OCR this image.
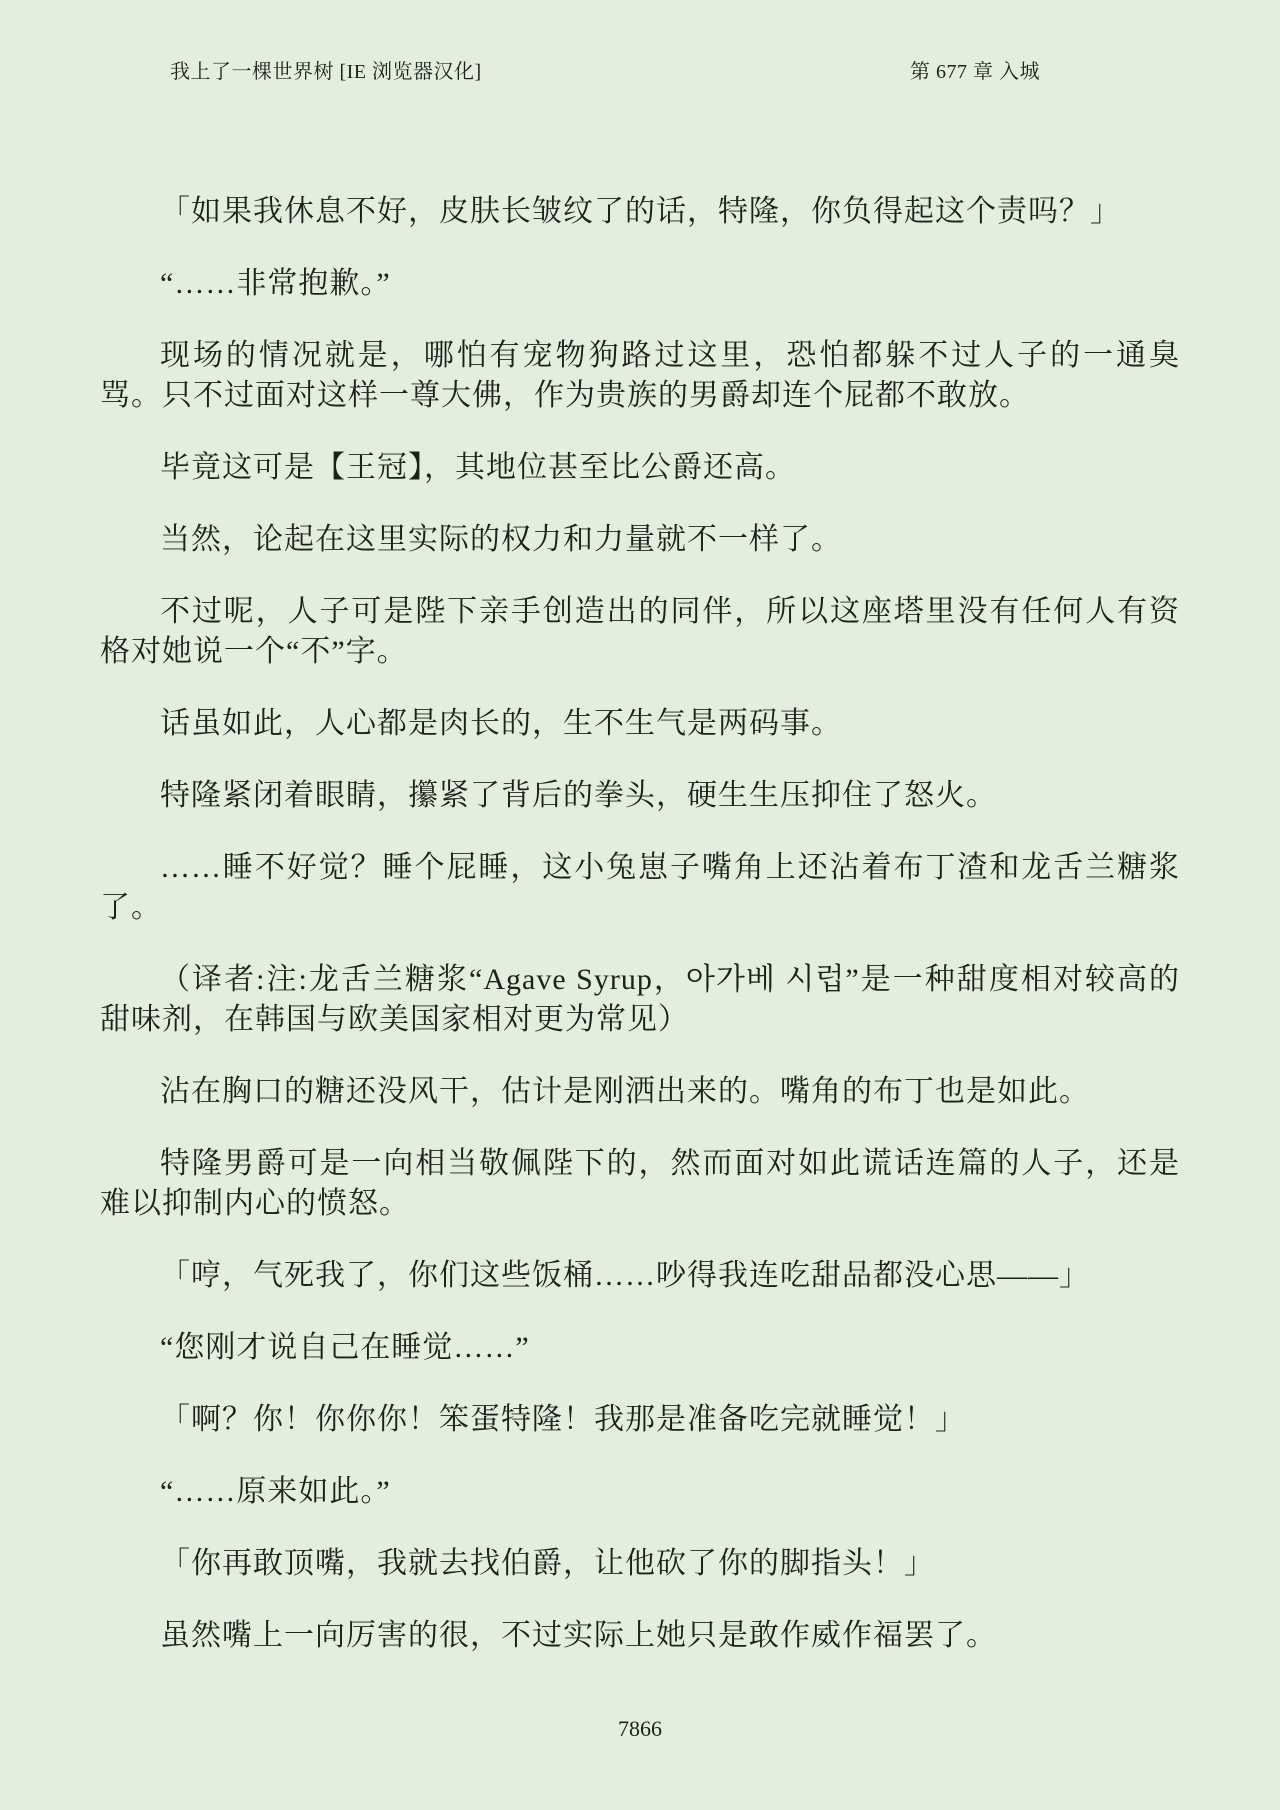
我上了一棵世界树 [IE 浏览器汉化]	第 677 章 入城

「如果我休息不好，皮肤长皱纹了的话，特隆，你负得起这个责吗？」

“……非常抱歉。”

现场的情况就是，哪怕有宠物狗路过这里，恐怕都躲不过人子的一通臭骂。只不过面对这样一尊大佛，作为贵族的男爵却连个屁都不敢放。

毕竟这可是【王冠】，其地位甚至比公爵还高。

当然，论起在这里实际的权力和力量就不一样了。

不过呢，人子可是陛下亲手创造出的同伴，所以这座塔里没有任何人有资格对她说一个“不”字。

话虽如此，人心都是肉长的，生不生气是两码事。

特隆紧闭着眼睛，攥紧了背后的拳头，硬生生压抑住了怒火。

……睡不好觉？睡个屁睡，这小兔崽子嘴角上还沾着布丁渣和龙舌兰糖浆了。

（译者:注:龙舌兰糖浆“Agave Syrup，아가베 시럽”是一种甜度相对较高的甜味剂，在韩国与欧美国家相对更为常见）

沾在胸口的糖还没风干，估计是刚洒出来的。嘴角的布丁也是如此。

特隆男爵可是一向相当敬佩陛下的，然而面对如此谎话连篇的人子，还是难以抑制内心的愤怒。

「哼，气死我了，你们这些饭桶……吵得我连吃甜品都没心思——」

“您刚才说自己在睡觉……”

「啊？你！你你你！笨蛋特隆！我那是准备吃完就睡觉！」

“……原来如此。”

「你再敢顶嘴，我就去找伯爵，让他砍了你的脚指头！」

虽然嘴上一向厉害的很，不过实际上她只是敢作威作福罢了。

7866
